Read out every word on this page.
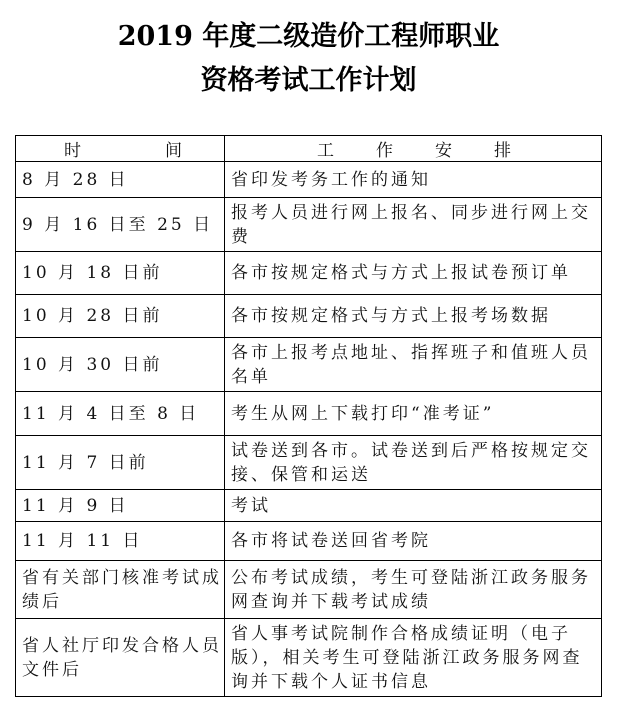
2019 年度二级造价工程师职业
资格考试工作计划
时 间	工 作 安 排

8 月 28 日	省印发考务工作的通知
9 月 16 日至 25 日	报考人员进行网上报名、同步进行网上交费
10 月 18 日前	各市按规定格式与方式上报试卷预订单
10 月 28 日前	各市按规定格式与方式上报考场数据
10 月 30 日前	各市上报考点地址、指挥班子和值班人员名单
11 月 4 日至 8 日	考生从网上下载打印“准考证”
11 月 7 日前	试卷送到各市。试卷送到后严格按规定交接、保管和运送
11 月 9 日	考试
11 月 11 日	各市将试卷送回省考院
省有关部门核准考试成绩后	公布考试成绩，考生可登陆浙江政务服务网查询并下载考试成绩
省人社厅印发合格人员文件后	省人事考试院制作合格成绩证明（电子版），相关考生可登陆浙江政务服务网查询并下载个人证书信息
